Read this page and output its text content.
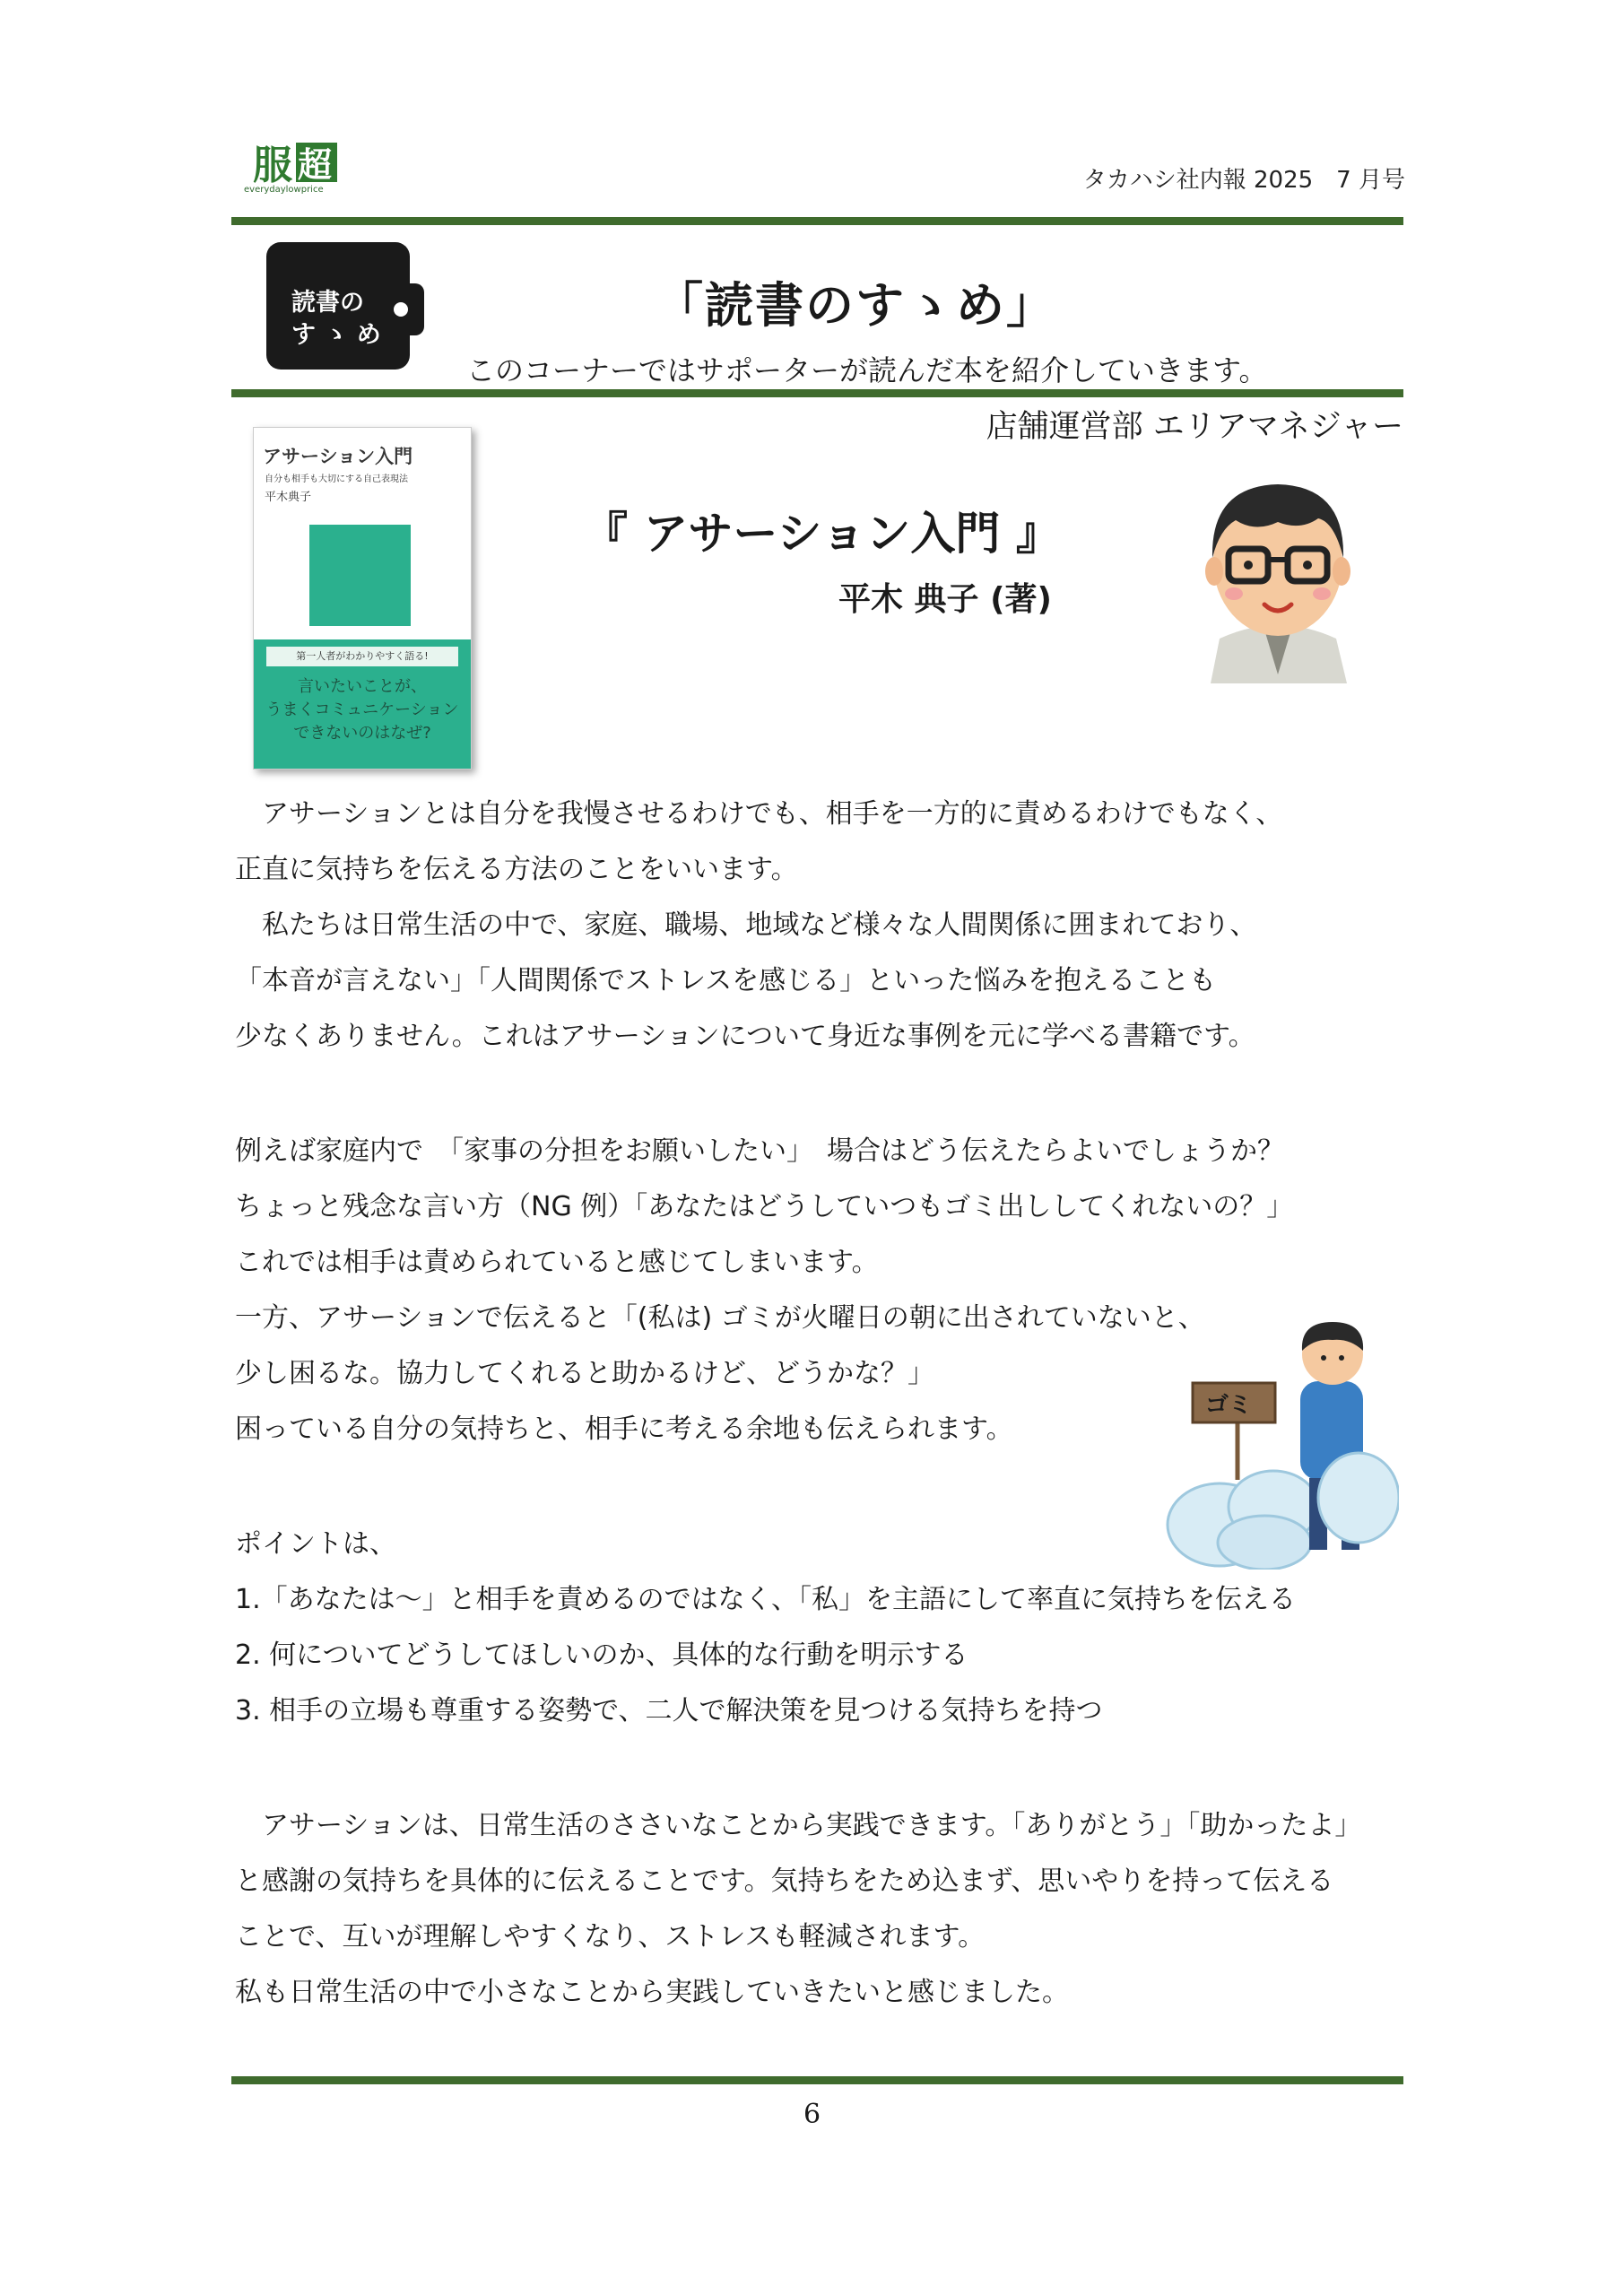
服 超
everydaylowprice	タカハシ社内報 2025　7 月号
読書の
す ゝ め
「読書のすゝめ」
このコーナーではサポーターが読んだ本を紹介していきます。
店舗運営部 エリアマネジャー
アサーション入門
自分も相手も大切にする自己表現法
平木典子
第一人者がわかりやすく語る!
言いたいことが、
うまくコミュニケーション
できないのはなぜ?
『 アサーション入門 』
平木 典子 (著)

　アサーションとは自分を我慢させるわけでも、相手を一方的に責めるわけでもなく、

正直に気持ちを伝える方法のことをいいます。

　私たちは日常生活の中で、家庭、職場、地域など様々な人間関係に囲まれており、

「本音が言えない」「人間関係でストレスを感じる」といった悩みを抱えることも

少なくありません。これはアサーションについて身近な事例を元に学べる書籍です。

例えば家庭内で　「家事の分担をお願いしたい」　場合はどう伝えたらよいでしょうか？

ちょっと残念な言い方（NG 例）「あなたはどうしていつもゴミ出ししてくれないの？」

これでは相手は責められていると感じてしまいます。

一方、アサーションで伝えると「(私は) ゴミが火曜日の朝に出されていないと、

少し困るな。協力してくれると助かるけど、どうかな？」

困っている自分の気持ちと、相手に考える余地も伝えられます。

ポイントは、

1.「あなたは～」と相手を責めるのではなく、「私」を主語にして率直に気持ちを伝える

2. 何についてどうしてほしいのか、具体的な行動を明示する

3. 相手の立場も尊重する姿勢で、二人で解決策を見つける気持ちを持つ

　アサーションは、日常生活のささいなことから実践できます。「ありがとう」「助かったよ」

と感謝の気持ちを具体的に伝えることです。気持ちをため込まず、思いやりを持って伝える

ことで、互いが理解しやすくなり、ストレスも軽減されます。

私も日常生活の中で小さなことから実践していきたいと感じました。

ゴミ
6
